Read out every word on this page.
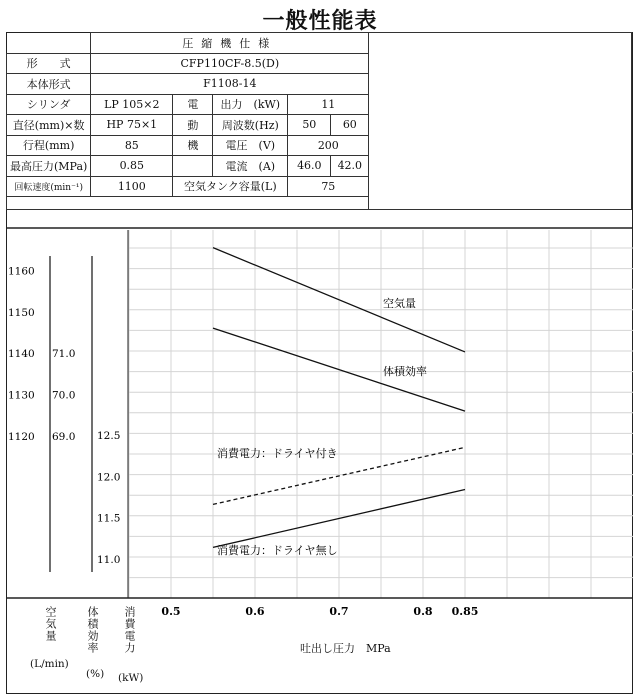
一般性能表
	圧縮機仕様					
形　　式	CFP110CF-8.5(D)					
本体形式	F1108-14					
シリンダ	LP 105×2	電	出力　(kW)	11		
直径(mm)×数	HP 75×1	動	周波数(Hz)	50	60	
行程(mm)	85	機	電圧　(V)	200		
最高圧力(MPa)	0.85		電流　(A)	46.0	42.0	
回転速度(min⁻¹)	1100	空気タンク容量(L)		75		

0.5	0.6	0.7	0.8 0.85
1120
1130
1140
1150
1160
69.0
70.0
71.0
11.0
11.5
12.0
12.5
空気量
体積効率
消費電力：ドライヤ付き
消費電力：ドライヤ無し
空気量	体積効率 消費電力
(L/min)
(%) (kW)
吐出し圧力　MPa
